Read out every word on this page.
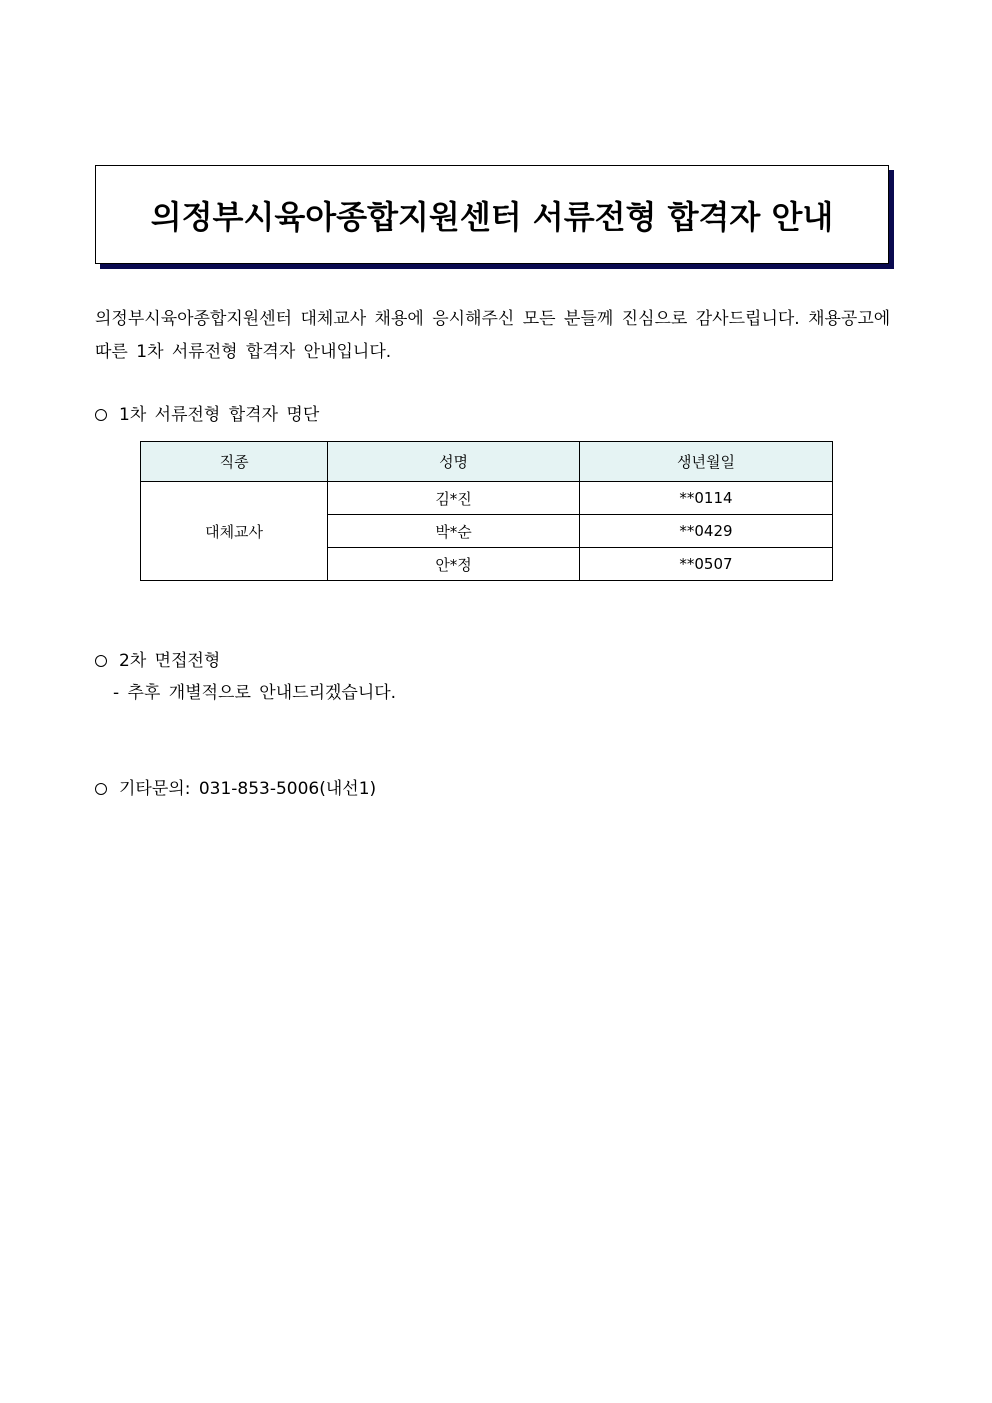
의정부시육아종합지원센터 서류전형 합격자 안내
의정부시육아종합지원센터 대체교사 채용에 응시해주신 모든 분들께 진심으로 감사드립니다. 채용공고에 따른 1차 서류전형 합격자 안내입니다.
1차 서류전형 합격자 명단
직종	성명	생년월일
대체교사	김*진	**0114
	박*순	**0429
	안*정	**0507
2차 면접전형
- 추후 개별적으로 안내드리겠습니다.
기타문의: 031-853-5006(내선1)
